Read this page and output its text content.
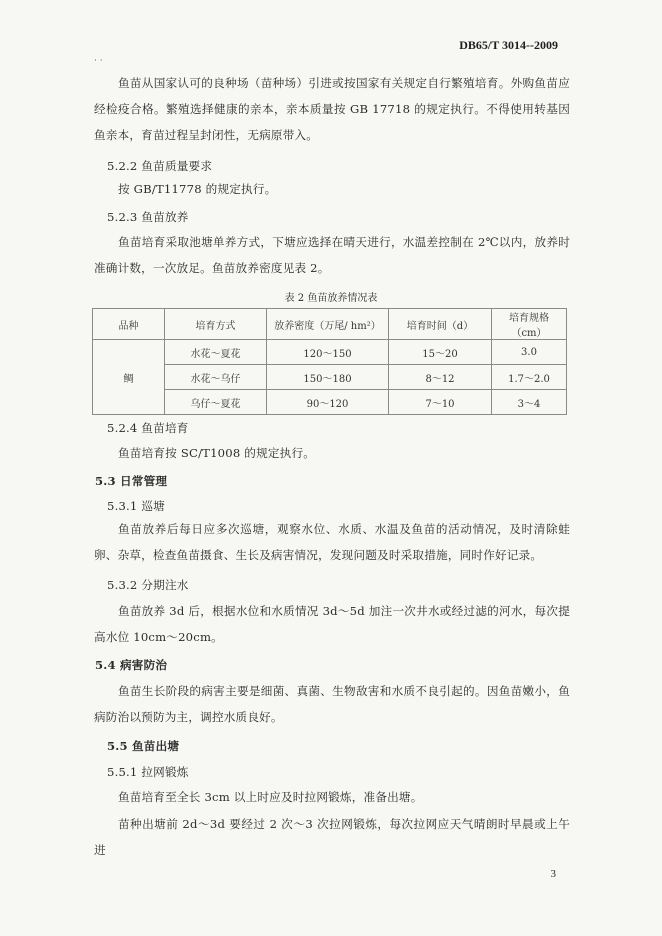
DB65/T 3014--2009
· ·
鱼苗从国家认可的良种场（苗种场）引进或按国家有关规定自行繁殖培育。外购鱼苗应经检疫合格。繁殖选择健康的亲本，亲本质量按 GB 17718 的规定执行。不得使用转基因鱼亲本，育苗过程呈封闭性，无病原带入。
5.2.2 鱼苗质量要求
按 GB/T11778 的规定执行。
5.2.3 鱼苗放养
鱼苗培育采取池塘单养方式，下塘应选择在晴天进行，水温差控制在 2℃以内，放养时准确计数，一次放足。鱼苗放养密度见表 2。
表 2 鱼苗放养情况表
品种	培育方式	放养密度（万尾/ hm²）	培育时间（d）	培育规格（cm）
鲷	水花～夏花	120～150	15～20	3.0
	水花～乌仔	150～180	8～12	1.7～2.0
	乌仔～夏花	90～120	7～10	3～4
5.2.4 鱼苗培育
鱼苗培育按 SC/T1008 的规定执行。
5.3 日常管理
5.3.1 巡塘
鱼苗放养后每日应多次巡塘，观察水位、水质、水温及鱼苗的活动情况，及时清除蛙卵、杂草，检查鱼苗摄食、生长及病害情况，发现问题及时采取措施，同时作好记录。
5.3.2 分期注水
鱼苗放养 3d 后，根据水位和水质情况 3d～5d 加注一次井水或经过滤的河水，每次提高水位 10cm～20cm。
5.4 病害防治
鱼苗生长阶段的病害主要是细菌、真菌、生物敌害和水质不良引起的。因鱼苗嫩小，鱼病防治以预防为主，调控水质良好。
5.5 鱼苗出塘
5.5.1 拉网锻炼
鱼苗培育至全长 3cm 以上时应及时拉网锻炼，准备出塘。
苗种出塘前 2d～3d 要经过 2 次～3 次拉网锻炼，每次拉网应天气晴朗时早晨或上午进
3
